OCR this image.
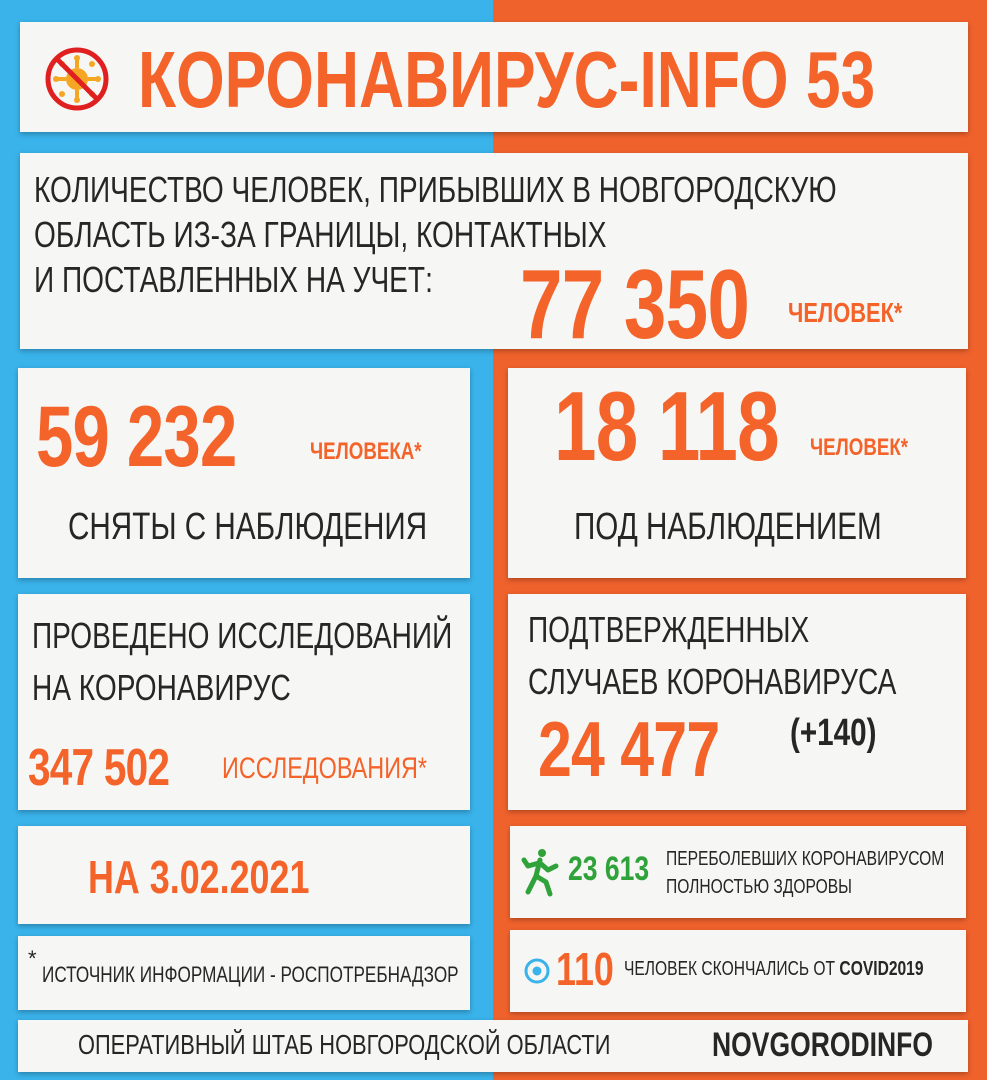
КОРОНАВИРУС-INFO 53
КОЛИЧЕСТВО ЧЕЛОВЕК, ПРИБЫВШИХ В НОВГОРОДСКУЮ
ОБЛАСТЬ ИЗ-ЗА ГРАНИЦЫ, КОНТАКТНЫХ
И ПОСТАВЛЕННЫХ НА УЧЕТ: 77 350 ЧЕЛОВЕК*
59 232	ЧЕЛОВЕКА*
СНЯТЫ С НАБЛЮДЕНИЯ
18 118 ЧЕЛОВЕК*
ПОД НАБЛЮДЕНИЕМ
ПРОВЕДЕНО ИССЛЕДОВАНИЙ
НА КОРОНАВИРУС
347 502 ИССЛЕДОВАНИЯ*
ПОДТВЕРЖДЕННЫХ
СЛУЧАЕВ КОРОНАВИРУСА
24 477 (+140)
НА 3.02.2021	23 613 ПЕРЕБОЛЕВШИХ КОРОНАВИРУСОМ
ПОЛНОСТЬЮ ЗДОРОВЫ
*
ИСТОЧНИК ИНФОРМАЦИИ - РОСПОТРЕБНАДЗОР 110 ЧЕЛОВЕК СКОНЧАЛИСЬ ОТ COVID2019
ОПЕРАТИВНЫЙ ШТАБ НОВГОРОДСКОЙ ОБЛАСТИ	NOVGORODINFO
